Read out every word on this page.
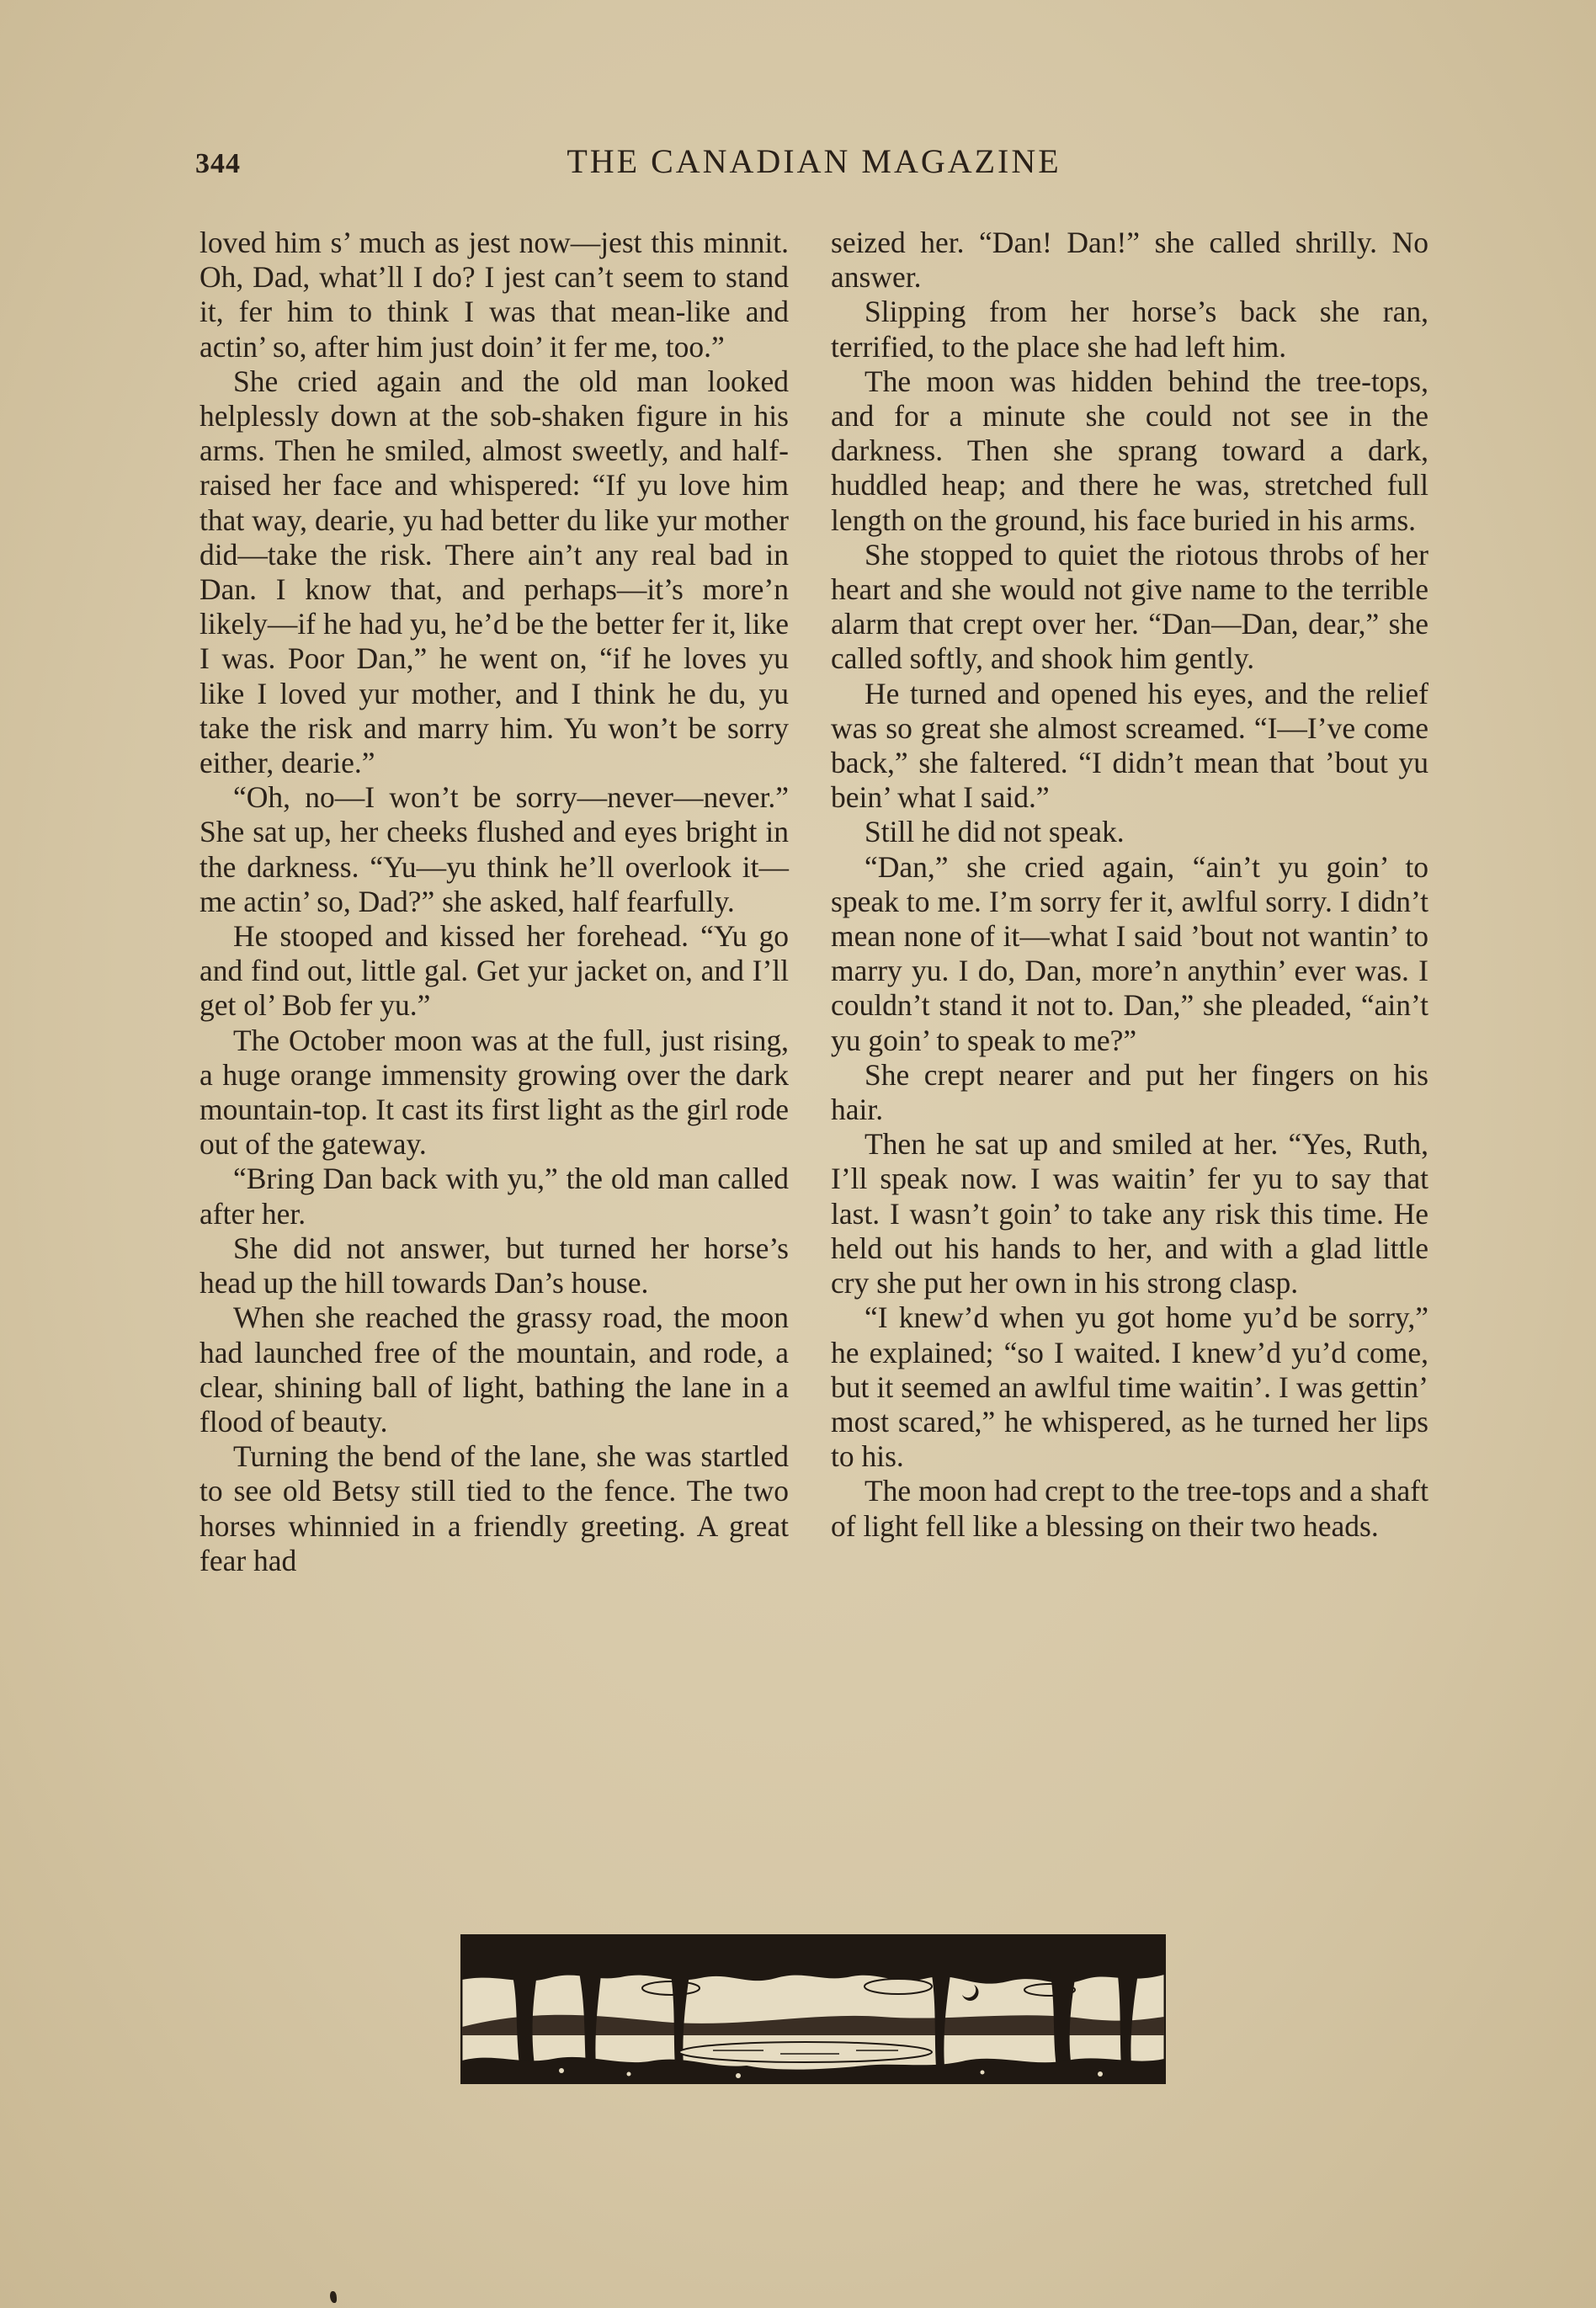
344	THE CANADIAN MAGAZINE

loved him s’ much as jest now—jest this minnit. Oh, Dad, what’ll I do? I jest can’t seem to stand it, fer him to think I was that mean-like and actin’ so, after him just doin’ it fer me, too.”

She cried again and the old man looked helplessly down at the sob-shaken figure in his arms. Then he smiled, almost sweetly, and half-raised her face and whispered: “If yu love him that way, dearie, yu had better du like yur mother did—take the risk. There ain’t any real bad in Dan. I know that, and perhaps—it’s more’n likely—if he had yu, he’d be the better fer it, like I was. Poor Dan,” he went on, “if he loves yu like I loved yur mother, and I think he du, yu take the risk and marry him. Yu won’t be sorry either, dearie.”

“Oh, no—I won’t be sorry—never—never.” She sat up, her cheeks flushed and eyes bright in the darkness. “Yu—yu think he’ll overlook it—me actin’ so, Dad?” she asked, half fearfully.

He stooped and kissed her forehead. “Yu go and find out, little gal. Get yur jacket on, and I’ll get ol’ Bob fer yu.”

The October moon was at the full, just rising, a huge orange immensity growing over the dark mountain-top. It cast its first light as the girl rode out of the gateway.

“Bring Dan back with yu,” the old man called after her.

She did not answer, but turned her horse’s head up the hill towards Dan’s house.

When she reached the grassy road, the moon had launched free of the mountain, and rode, a clear, shining ball of light, bathing the lane in a flood of beauty.

Turning the bend of the lane, she was startled to see old Betsy still tied to the fence. The two horses whinnied in a friendly greeting. A great fear had

seized her. “Dan! Dan!” she called shrilly. No answer.

Slipping from her horse’s back she ran, terrified, to the place she had left him.

The moon was hidden behind the tree-tops, and for a minute she could not see in the darkness. Then she sprang toward a dark, huddled heap; and there he was, stretched full length on the ground, his face buried in his arms.

She stopped to quiet the riotous throbs of her heart and she would not give name to the terrible alarm that crept over her. “Dan—Dan, dear,” she called softly, and shook him gently.

He turned and opened his eyes, and the relief was so great she almost screamed. “I—I’ve come back,” she faltered. “I didn’t mean that ’bout yu bein’ what I said.”

Still he did not speak.

“Dan,” she cried again, “ain’t yu goin’ to speak to me. I’m sorry fer it, awlful sorry. I didn’t mean none of it—what I said ’bout not wantin’ to marry yu. I do, Dan, more’n anythin’ ever was. I couldn’t stand it not to. Dan,” she pleaded, “ain’t yu goin’ to speak to me?”

She crept nearer and put her fingers on his hair.

Then he sat up and smiled at her. “Yes, Ruth, I’ll speak now. I was waitin’ fer yu to say that last. I wasn’t goin’ to take any risk this time. He held out his hands to her, and with a glad little cry she put her own in his strong clasp.

“I knew’d when yu got home yu’d be sorry,” he explained; “so I waited. I knew’d yu’d come, but it seemed an awlful time waitin’. I was gettin’ most scared,” he whispered, as he turned her lips to his.

The moon had crept to the tree-tops and a shaft of light fell like a blessing on their two heads.
